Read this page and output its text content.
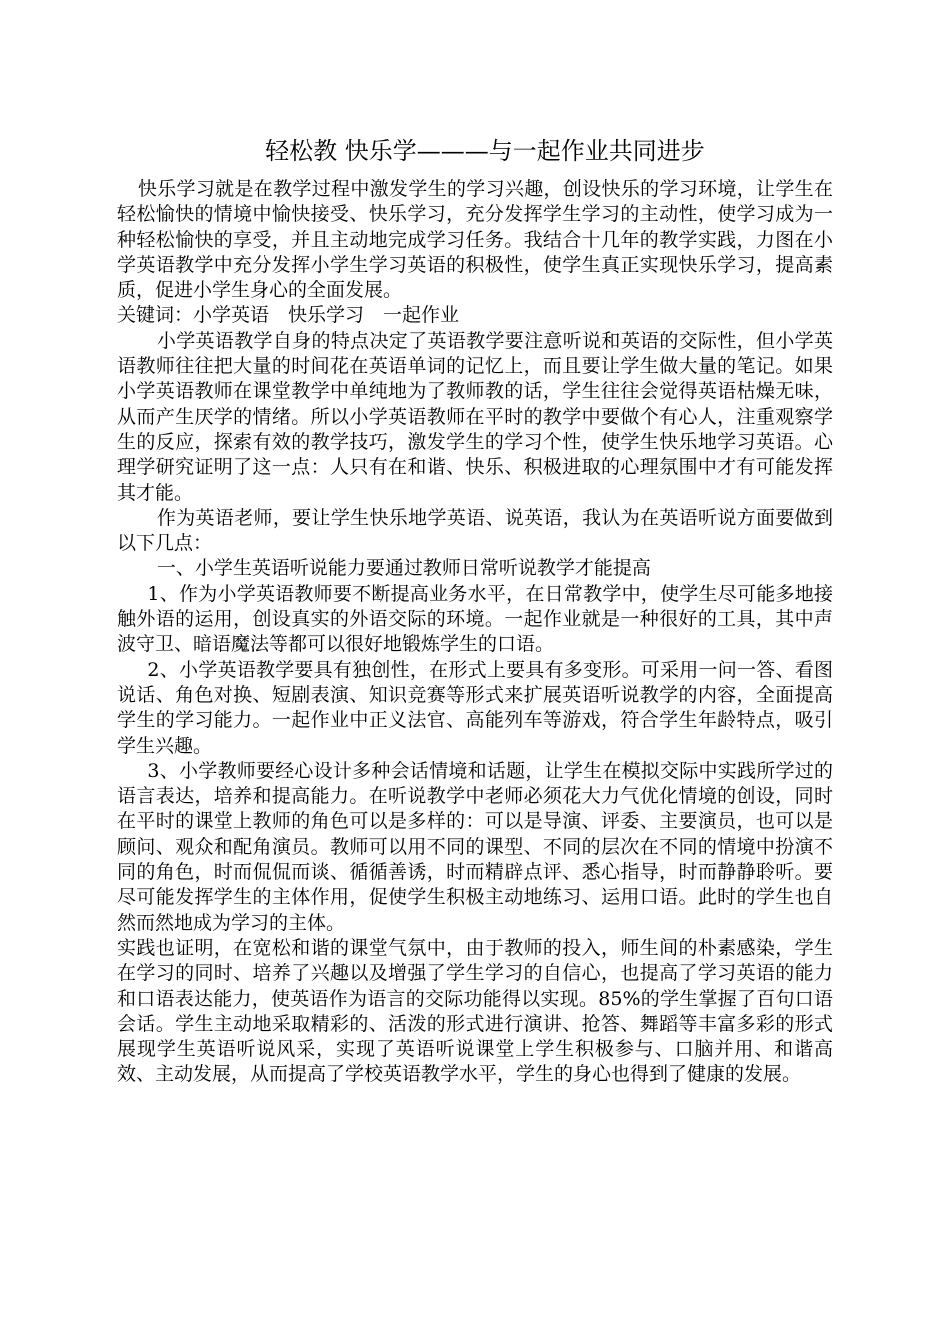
轻松教 快乐学———与一起作业共同进步

快乐学习就是在教学过程中激发学生的学习兴趣，创设快乐的学习环境，让学生在轻松愉快的情境中愉快接受、快乐学习，充分发挥学生学习的主动性，使学习成为一种轻松愉快的享受，并且主动地完成学习任务。我结合十几年的教学实践，力图在小学英语教学中充分发挥小学生学习英语的积极性，使学生真正实现快乐学习，提高素质，促进小学生身心的全面发展。

关键词：小学英语　快乐学习　一起作业

小学英语教学自身的特点决定了英语教学要注意听说和英语的交际性，但小学英语教师往往把大量的时间花在英语单词的记忆上，而且要让学生做大量的笔记。如果小学英语教师在课堂教学中单纯地为了教师教的话，学生往往会觉得英语枯燥无味，从而产生厌学的情绪。所以小学英语教师在平时的教学中要做个有心人，注重观察学生的反应，探索有效的教学技巧，激发学生的学习个性，使学生快乐地学习英语。心理学研究证明了这一点：人只有在和谐、快乐、积极进取的心理氛围中才有可能发挥其才能。

作为英语老师，要让学生快乐地学英语、说英语，我认为在英语听说方面要做到以下几点：

一、小学生英语听说能力要通过教师日常听说教学才能提高

1、作为小学英语教师要不断提高业务水平，在日常教学中，使学生尽可能多地接触外语的运用，创设真实的外语交际的环境。一起作业就是一种很好的工具，其中声波守卫、暗语魔法等都可以很好地锻炼学生的口语。

2、小学英语教学要具有独创性，在形式上要具有多变形。可采用一问一答、看图说话、角色对换、短剧表演、知识竞赛等形式来扩展英语听说教学的内容，全面提高学生的学习能力。一起作业中正义法官、高能列车等游戏，符合学生年龄特点，吸引学生兴趣。

3、小学教师要经心设计多种会话情境和话题，让学生在模拟交际中实践所学过的语言表达，培养和提高能力。在听说教学中老师必须花大力气优化情境的创设，同时在平时的课堂上教师的角色可以是多样的：可以是导演、评委、主要演员，也可以是顾问、观众和配角演员。教师可以用不同的课型、不同的层次在不同的情境中扮演不同的角色，时而侃侃而谈、循循善诱，时而精辟点评、悉心指导，时而静静聆听。要尽可能发挥学生的主体作用，促使学生积极主动地练习、运用口语。此时的学生也自然而然地成为学习的主体。

实践也证明，在宽松和谐的课堂气氛中，由于教师的投入，师生间的朴素感染，学生在学习的同时、培养了兴趣以及增强了学生学习的自信心，也提高了学习英语的能力和口语表达能力，使英语作为语言的交际功能得以实现。85%的学生掌握了百句口语会话。学生主动地采取精彩的、活泼的形式进行演讲、抢答、舞蹈等丰富多彩的形式展现学生英语听说风采，实现了英语听说课堂上学生积极参与、口脑并用、和谐高效、主动发展，从而提高了学校英语教学水平，学生的身心也得到了健康的发展。
